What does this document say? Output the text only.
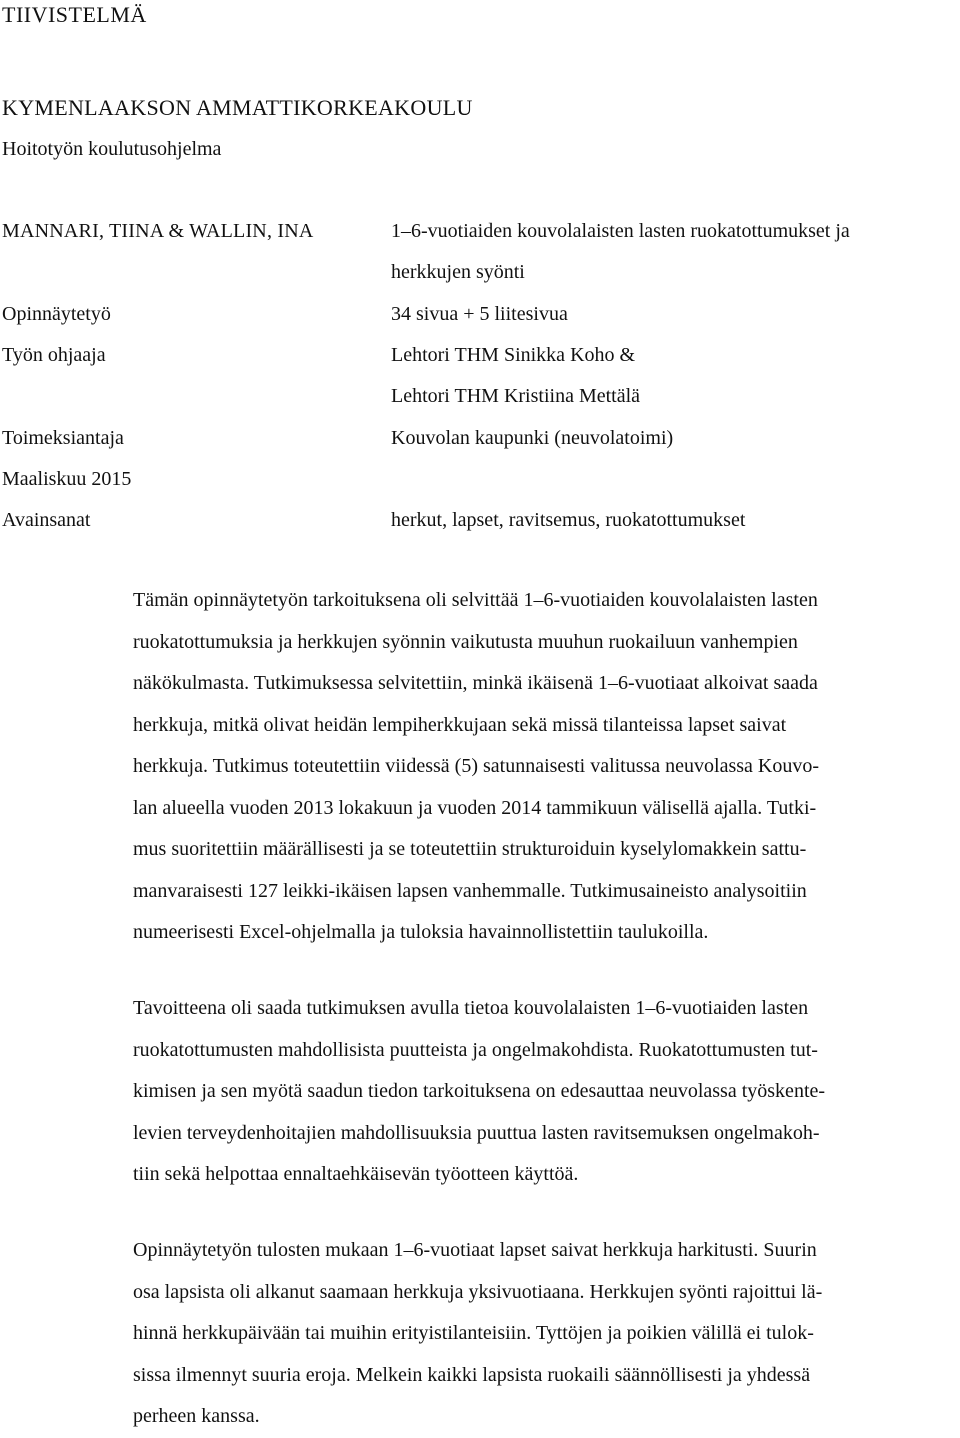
TIIVISTELMÄ
KYMENLAAKSON AMMATTIKORKEAKOULU
Hoitotyön koulutusohjelma
MANNARI, TIINA & WALLIN, INA	1–6-vuotiaiden kouvolalaisten lasten ruokatottumukset ja
herkkujen syönti
Opinnäytetyö	34 sivua + 5 liitesivua
Työn ohjaaja	Lehtori THM Sinikka Koho &
Lehtori THM Kristiina Mettälä
Toimeksiantaja	Kouvolan kaupunki (neuvolatoimi)
Maaliskuu 2015
Avainsanat	herkut, lapset, ravitsemus, ruokatottumukset

Tämän opinnäytetyön tarkoituksena oli selvittää 1–6-vuotiaiden kouvolalaisten lasten
ruokatottumuksia ja herkkujen syönnin vaikutusta muuhun ruokailuun vanhempien
näkökulmasta. Tutkimuksessa selvitettiin, minkä ikäisenä 1–6-vuotiaat alkoivat saada
herkkuja, mitkä olivat heidän lempiherkkujaan sekä missä tilanteissa lapset saivat
herkkuja. Tutkimus toteutettiin viidessä (5) satunnaisesti valitussa neuvolassa Kouvo-
lan alueella vuoden 2013 lokakuun ja vuoden 2014 tammikuun välisellä ajalla. Tutki-
mus suoritettiin määrällisesti ja se toteutettiin strukturoiduin kyselylomakkein sattu-
manvaraisesti 127 leikki-ikäisen lapsen vanhemmalle. Tutkimusaineisto analysoitiin
numeerisesti Excel-ohjelmalla ja tuloksia havainnollistettiin taulukoilla.

Tavoitteena oli saada tutkimuksen avulla tietoa kouvolalaisten 1–6-vuotiaiden lasten
ruokatottumusten mahdollisista puutteista ja ongelmakohdista. Ruokatottumusten tut-
kimisen ja sen myötä saadun tiedon tarkoituksena on edesauttaa neuvolassa työskente-
levien terveydenhoitajien mahdollisuuksia puuttua lasten ravitsemuksen ongelmakoh-
tiin sekä helpottaa ennaltaehkäisevän työotteen käyttöä.

Opinnäytetyön tulosten mukaan 1–6-vuotiaat lapset saivat herkkuja harkitusti. Suurin
osa lapsista oli alkanut saamaan herkkuja yksivuotiaana. Herkkujen syönti rajoittui lä-
hinnä herkkupäivään tai muihin erityistilanteisiin. Tyttöjen ja poikien välillä ei tulok-
sissa ilmennyt suuria eroja. Melkein kaikki lapsista ruokaili säännöllisesti ja yhdessä
perheen kanssa.
